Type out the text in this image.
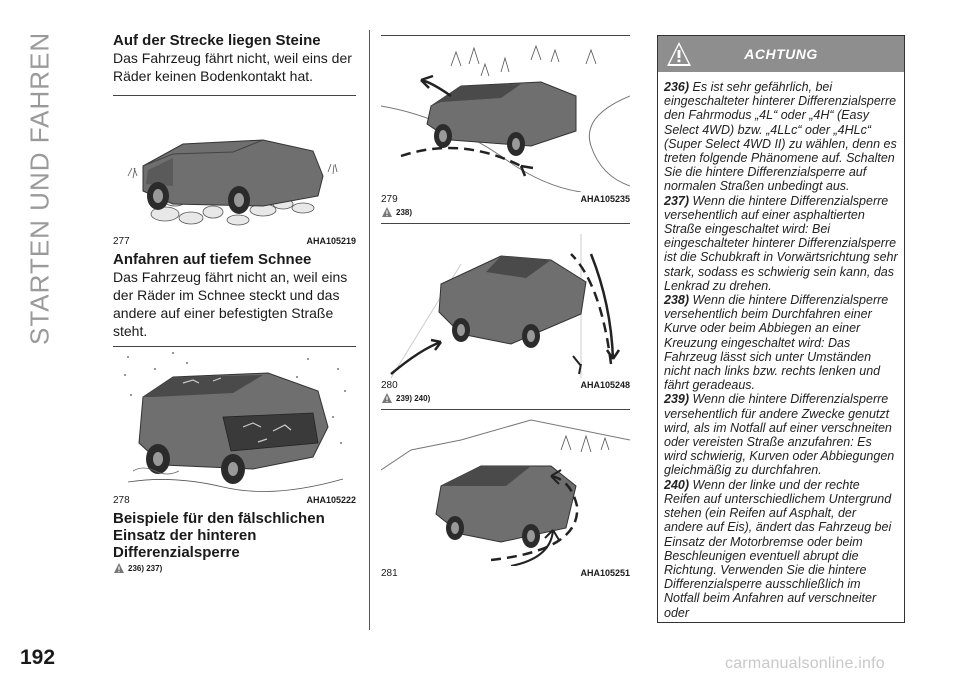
STARTEN UND FAHREN
192	carmanualsonline.info
Auf der Strecke liegen Steine

Das Fahrzeug fährt nicht, weil eins der Räder keinen Bodenkontakt hat.

277	AHA105219
Anfahren auf tiefem Schnee

Das Fahrzeug fährt nicht an, weil eins der Räder im Schnee steckt und das andere auf einer befestigten Straße steht.

278	AHA105222
Beispiele für den fälschlichen
Einsatz der hinteren
Differenzialsperre
236) 237)
279	AHA105235
238)
280	AHA105248
239) 240)
281	AHA105251
ACHTUNG
236) Es ist sehr gefährlich, bei eingeschalteter hinterer Differenzialsperre den Fahrmodus „4L“ oder „4H“ (Easy Select 4WD) bzw. „4LLc“ oder „4HLc“ (Super Select 4WD II) zu wählen, denn es treten folgende Phänomene auf. Schalten Sie die hintere Differenzialsperre auf normalen Straßen unbedingt aus.
237) Wenn die hintere Differenzialsperre versehentlich auf einer asphaltierten Straße eingeschaltet wird: Bei eingeschalteter hinterer Differenzialsperre ist die Schubkraft in Vorwärtsrichtung sehr stark, sodass es schwierig sein kann, das Lenkrad zu drehen.
238) Wenn die hintere Differenzialsperre versehentlich beim Durchfahren einer Kurve oder beim Abbiegen an einer Kreuzung eingeschaltet wird: Das Fahrzeug lässt sich unter Umständen nicht nach links bzw. rechts lenken und fährt geradeaus.
239) Wenn die hintere Differenzialsperre versehentlich für andere Zwecke genutzt wird, als im Notfall auf einer verschneiten oder vereisten Straße anzufahren: Es wird schwierig, Kurven oder Abbiegungen gleichmäßig zu durchfahren.
240) Wenn der linke und der rechte Reifen auf unterschiedlichem Untergrund stehen (ein Reifen auf Asphalt, der andere auf Eis), ändert das Fahrzeug bei Einsatz der Motorbremse oder beim Beschleunigen eventuell abrupt die Richtung. Verwenden Sie die hintere Differenzialsperre ausschließlich im Notfall beim Anfahren auf verschneiter oder
